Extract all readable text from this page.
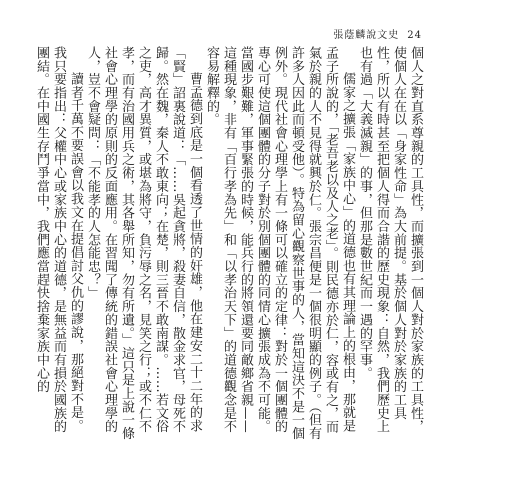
張蔭麟說文史 24

個人之對直系尊親的工具性，而擴張到一個人對於家族的工具性，使個人在在以「身家性命」為大前提。基於個人對於家族的工具性，所以有時甚至把個人得而合諧的歷史現象：自然，我們歷史上也有過「大義滅親」的事，但那是數世紀而一遇的罕事。

儒家之擴張「家族中心」的道德也有其理論上的根由，那就是孟子所說的，「老吾老以及人之老」。則民德亦於仁，容或有之，而氣於親的人不見得就興於仁。張宗昌便是一個很明顯的例子。（但有許多人因此而頓受他）。特為留心觀察世事的人，當知這決不是一個例外。現代社會心理學上有一條可以確立的定律：對於一個團體的專心可使這個團體的分子對於別個團體的同情心擴張成為不可能。當國步艱難，軍事緊張的時候，能兵行的將領還要同敵鄉省親——這種現象，非有「百行孝為先」和「以孝治天下」的道德觀念是不容易解釋的。

曹孟德到底是一個看透了世情的奸雄，他在建安二十二年的求「賢」詔裏說道：「……吳起貪將，殺妻自信，散金求官，母死不歸。然在魏，秦人不敢東向；在楚，則三晉不敢南謀。……若文俗之吏，高才異質，或堪為將守，負污辱之名，見笑之行；或不仁不孝，而有治國用兵之術，其各舉所知，勿有所遺。」這只是上說一條社會心理學的原則的反面應用。在習聞了傳統的錯誤社會心理學的人，豈不會疑問：「不能孝的人怎能忠？」

讀者千萬不要誤會以我文在提倡討父仇的謬說，那絕對不是。我只要指出：父權中心或家族中心的道德，是無益而有損於國族的團結。在中國生存鬥爭當中，我們應當趕快捨棄家族中心的
